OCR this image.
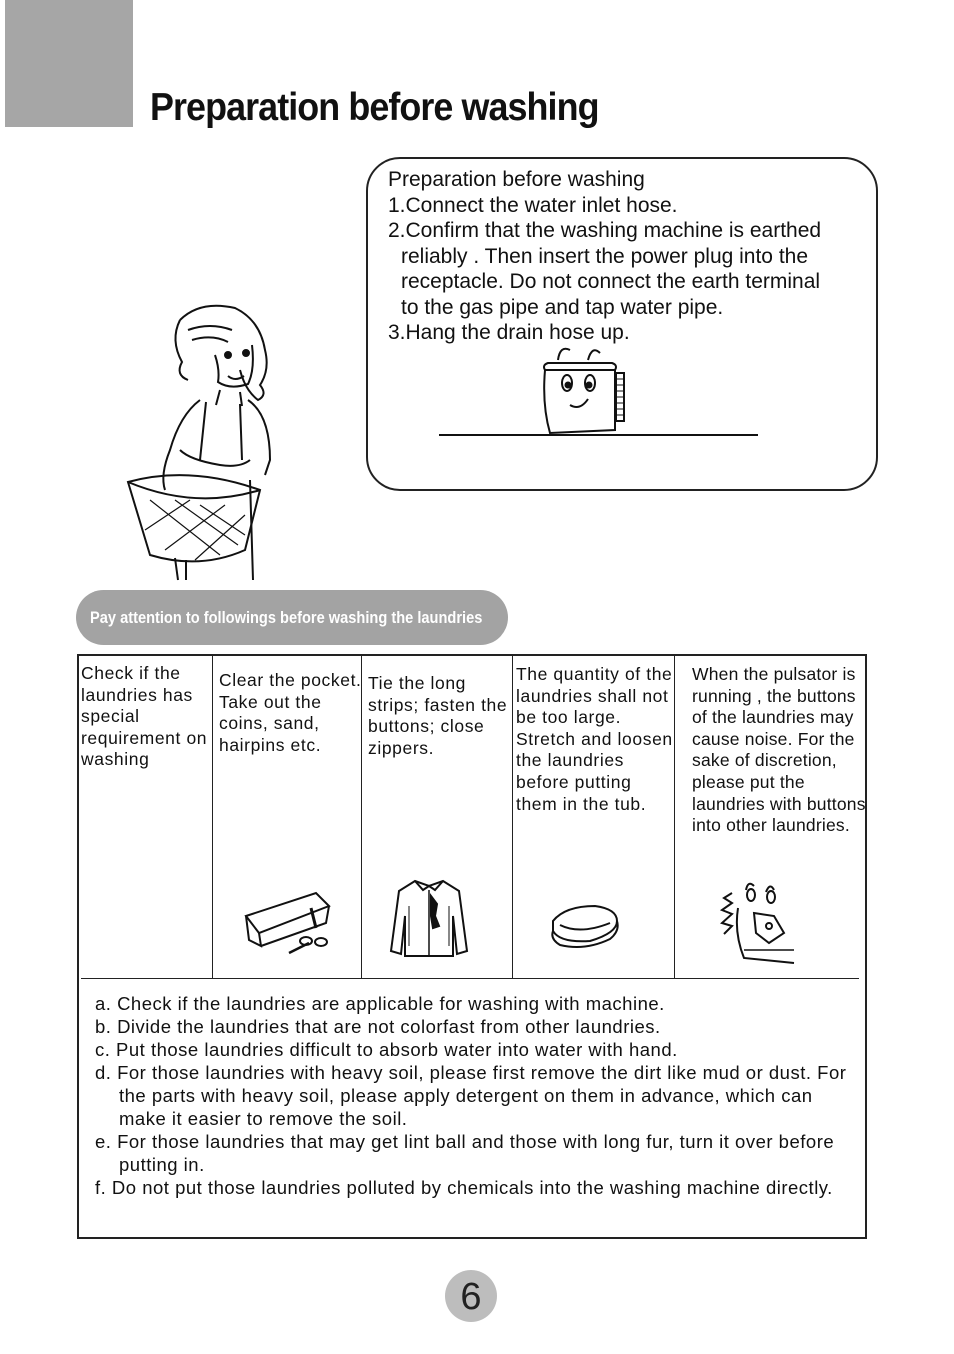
Preparation before washing

Preparation before washing

1.Connect the water inlet hose.

2.Confirm that the washing machine is earthed

reliably . Then insert the power plug into the

receptacle. Do not connect the earth terminal

to the gas pipe and tap water pipe.

3.Hang the drain hose up.

Pay attention to followings before washing the laundries
Check if the laundries has special requirement on washing
Clear the pocket. Take out the coins, sand, hairpins etc.
Tie the long strips; fasten the buttons; close zippers.
The quantity of the laundries shall not be too large. Stretch and loosen the laundries before putting them in the tub.
When the pulsator is running , the buttons of the laundries may cause noise. For the sake of discretion, please put the laundries with buttons into other laundries.
a. Check if the laundries are applicable for washing with machine.
b. Divide the laundries that are not colorfast from other laundries.
c. Put those laundries difficult to absorb water into water with hand.
d. For those laundries with heavy soil, please first remove the dirt like mud or dust. For the parts with heavy soil, please apply detergent on them in advance, which can make it easier to remove the soil.
e. For those laundries that may get lint ball and those with long fur, turn it over before putting in.
f. Do not put those laundries polluted by chemicals into the washing machine directly.
6
